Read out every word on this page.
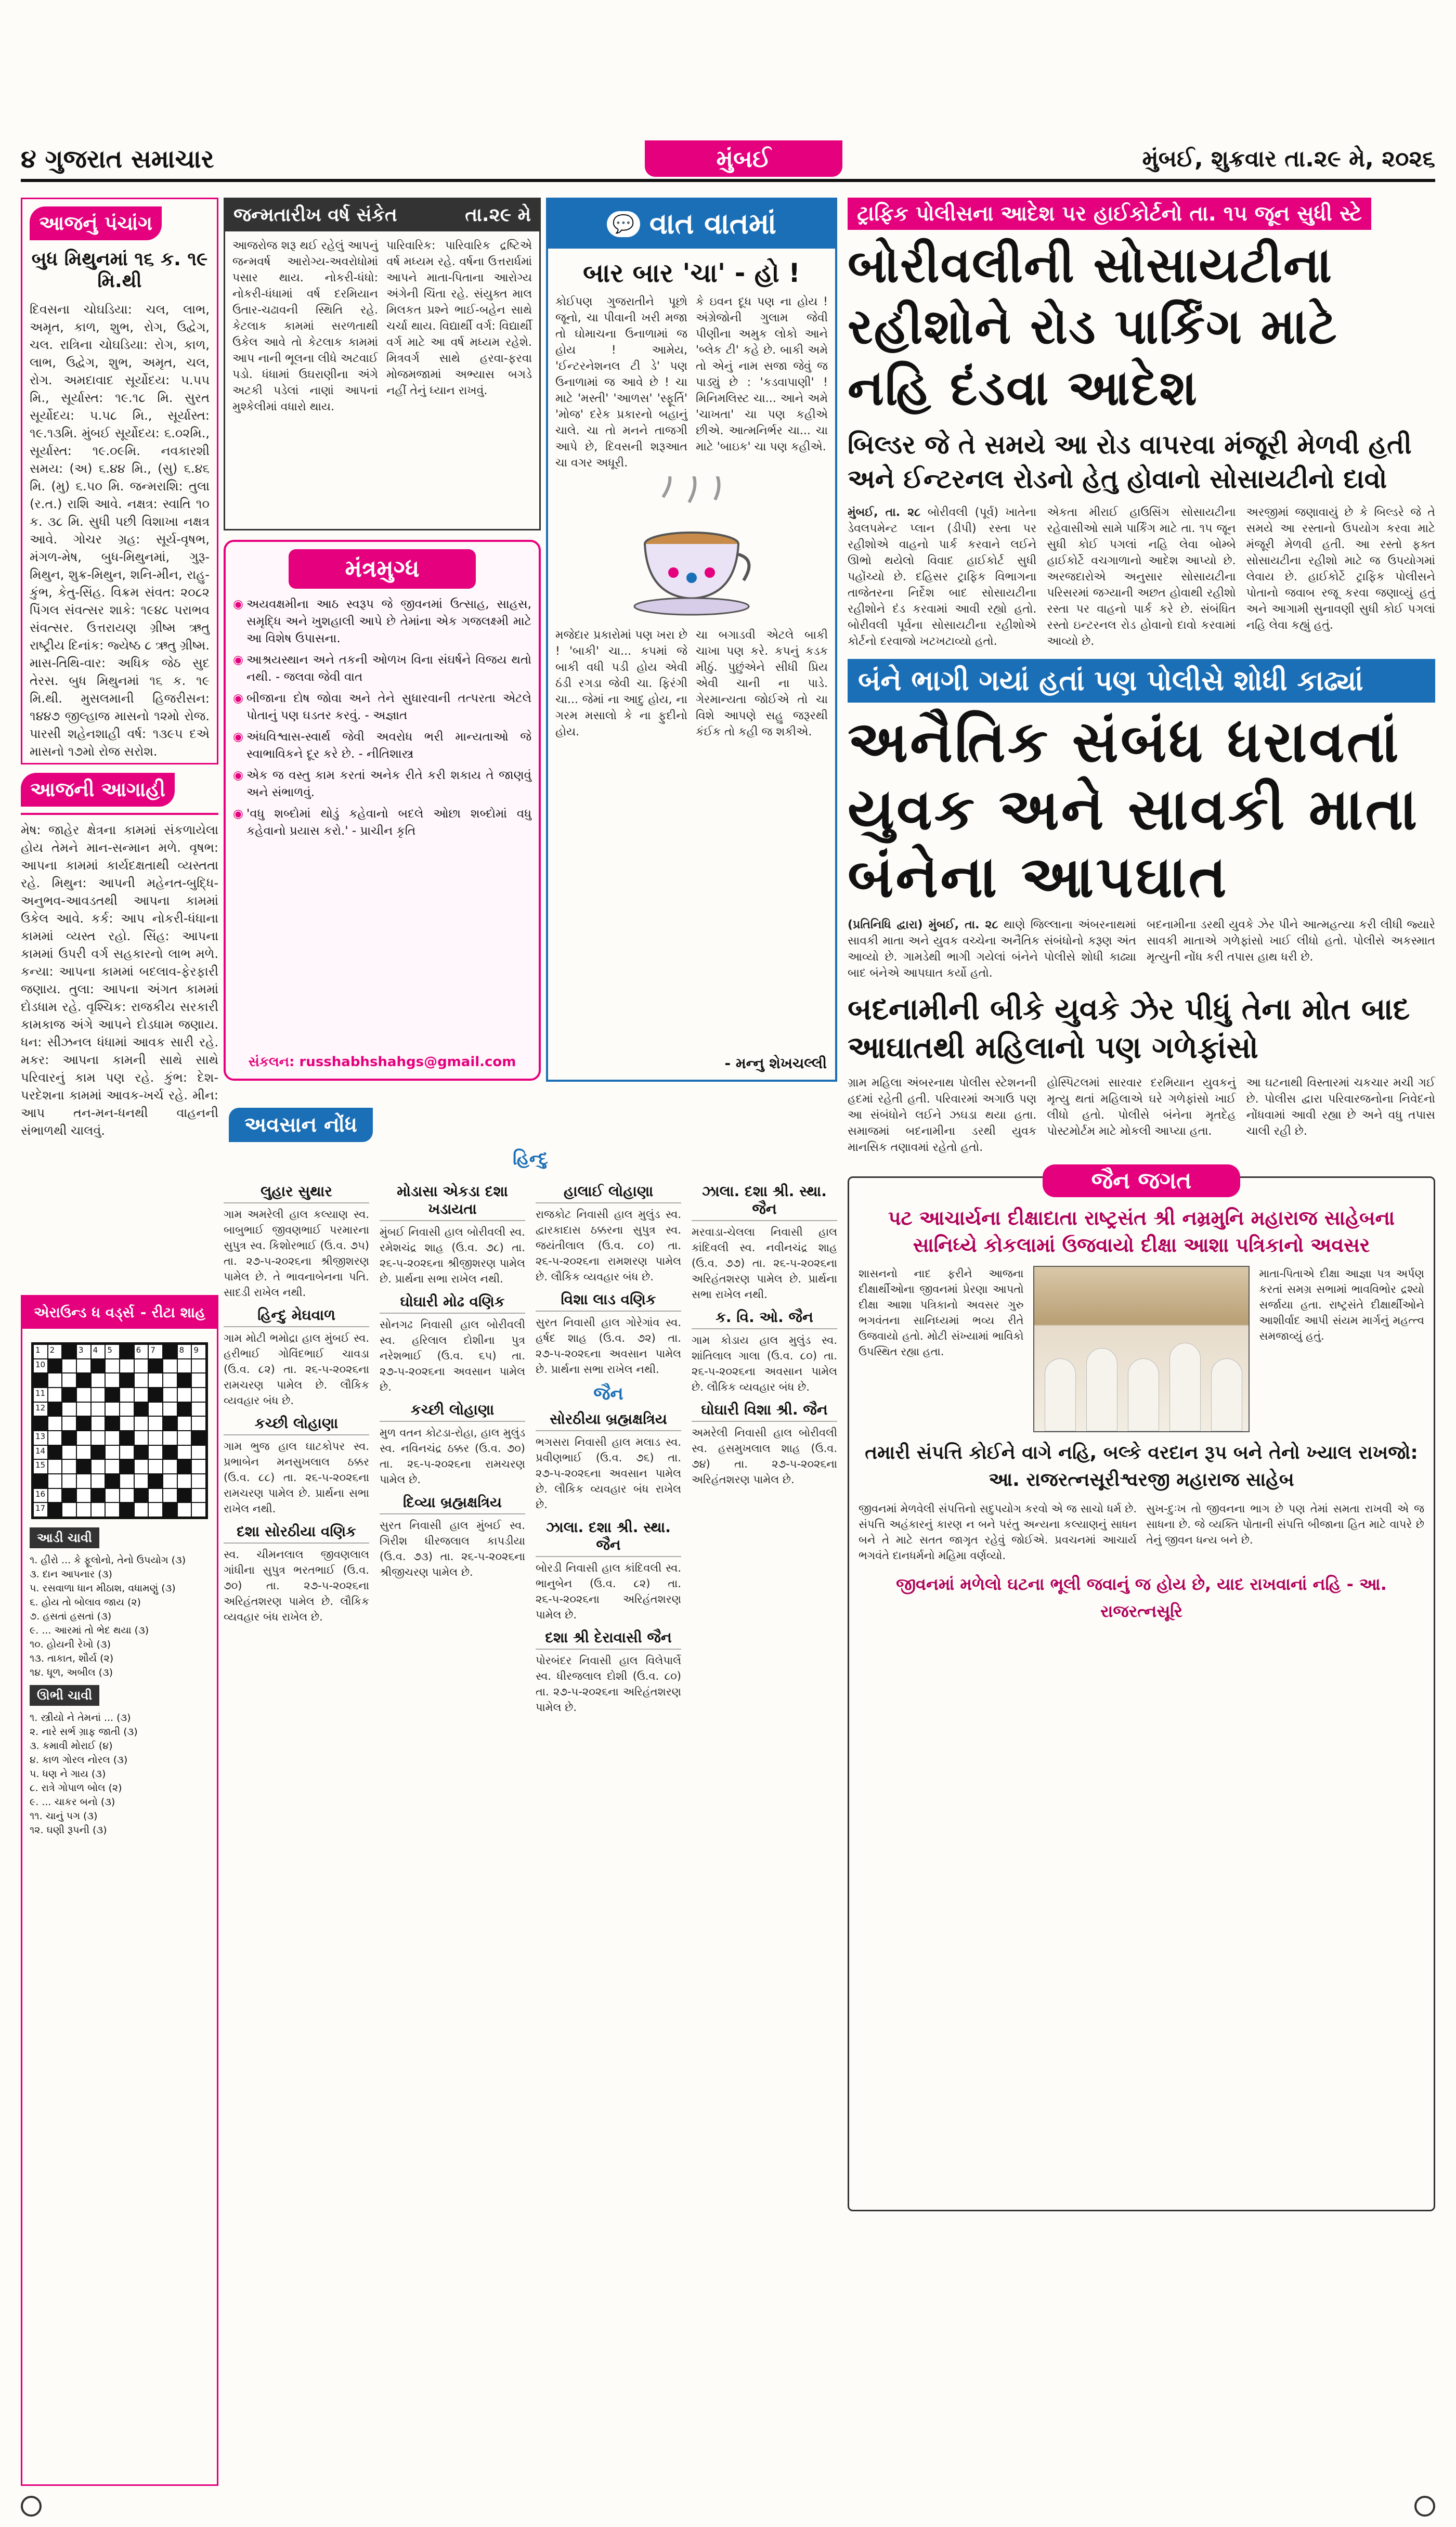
૪ ગુજરાત સમાચાર	મુંબઈ	મુંબઈ, શુક્રવાર તા.૨૯ મે, ૨૦૨૬
આજનું પંચાંગ
બુધ મિથુનમાં ૧૬ ક. ૧૯ મિ.થી
દિવસના ચોઘડિયા: ચલ, લાભ, અમૃત, કાળ, શુભ, રોગ, ઉદ્વેગ, ચલ. રાત્રિના ચોઘડિયા: રોગ, કાળ, લાભ, ઉદ્વેગ, શુભ, અમૃત, ચલ, રોગ. અમદાવાદ સૂર્યોદય: ૫.૫૫ મિ., સૂર્યાસ્ત: ૧૯.૧૮ મિ. સુરત સૂર્યોદય: ૫.૫૮ મિ., સૂર્યાસ્ત: ૧૯.૧૩મિ. મુંબઈ સૂર્યોદય: ૬.૦૨મિ., સૂર્યાસ્ત: ૧૯.૦૯મિ. નવકારશી સમય: (અ) ૬.૪૪ મિ., (સુ) ૬.૪૬ મિ. (મુ) ૬.૫૦ મિ. જન્મરાશિ: તુલા (ર.ત.) રાશિ આવે. નક્ષત્ર: સ્વાતિ ૧૦ ક. ૩૮ મિ. સુધી પછી વિશાખા નક્ષત્ર આવે. ગોચર ગ્રહ: સૂર્ય-વૃષભ, મંગળ-મેષ, બુધ-મિથુનમાં, ગુરૂ-મિથુન, શુક્ર-મિથુન, શનિ-મીન, રાહુ-કુંભ, કેતુ-સિંહ. વિક્રમ સંવત: ૨૦૮૨ પિંગલ સંવત્સર શાકે: ૧૯૪૮ પરાભવ સંવત્સર. ઉત્તરાયણ ગ્રીષ્મ ઋતુ રાષ્ટ્રીય દિનાંક: જ્યેષ્ઠ ૮ ઋતુ ગ્રીષ્મ. માસ-તિથિ-વાર: અધિક જેઠ સુદ તેરસ. બુધ મિથુનમાં ૧૬ ક. ૧૯ મિ.થી. મુસલમાની હિજરીસન: ૧૪૪૭ જીલ્હાજ માસનો ૧૨મો રોજ. પારસી શહેનશાહી વર્ષ: ૧૩૯૫ દએ માસનો ૧૭મો રોજ સરોશ.
આજની આગાહી
મેષ: જાહેર ક્ષેત્રના કામમાં સંકળાયેલા હોય તેમને માન-સન્માન મળે. વૃષભ: આપના કામમાં કાર્યદક્ષતાથી વ્યસ્તતા રહે. મિથુન: આપની મહેનત-બુદ્ધિ-અનુભવ-આવડતથી આપના કામમાં ઉકેલ આવે. કર્ક: આપ નોકરી-ધંધાના કામમાં વ્યસ્ત રહો. સિંહ: આપના કામમાં ઉપરી વર્ગ સહકારનો લાભ મળે. કન્યા: આપના કામમાં બદલાવ-ફેરફારી જણાય. તુલા: આપના અંગત કામમાં દોડધામ રહે. વૃશ્ચિક: રાજકીય સરકારી કામકાજ અંગે આપને દોડધામ જણાય. ધન: સીઝનલ ધંધામાં આવક સારી રહે. મકર: આપના કામની સાથે સાથે પરિવારનું કામ પણ રહે. કુંભ: દેશ-પરદેશના કામમાં આવક-ખર્ચ રહે. મીન: આપ તન-મન-ધનથી વાહનની સંભાળથી ચાલવું.
જન્મતારીખ વર્ષ સંકેત	તા.૨૯ મે
આજરોજ શરૂ થઈ રહેલું આપનું જન્મવર્ષ આરોગ્ય-અવરોધોમાં પસાર થાય. નોકરી-ધંધો: નોકરી-ધંધામાં વર્ષ દરમિયાન ઉતાર-ચઢાવની સ્થિતિ રહે. કેટલાક કામમાં સરળતાથી ઉકેલ આવે તો કેટલાક કામમાં આપ નાની ભૂલના લીધે અટવાઈ પડો. ધંધામાં ઉઘરાણીના અંગે અટકી પડેલાં નાણાં આપનાં મુશ્કેલીમાં વધારો થાય.
પારિવારિક: પારિવારિક દ્રષ્ટિએ વર્ષ મધ્યમ રહે. વર્ષના ઉત્તરાર્ધમાં આપને માતા-પિતાના આરોગ્ય અંગેની ચિંતા રહે. સંયુક્ત માલ મિલકત પ્રશ્ને ભાઈ-બહેન સાથે ચર્ચા થાય. વિદ્યાર્થી વર્ગ: વિદ્યાર્થી વર્ગ માટે આ વર્ષ મધ્યમ રહેશે. મિત્રવર્ગ સાથે હરવા-ફરવા મોજમજામાં અભ્યાસ બગડે નહીં તેનું ધ્યાન રાખવું.
મંત્રમુગ્ધ
◉ અયવક્ષમીના આઠ સ્વરૂપ જે જીવનમાં ઉત્સાહ, સાહસ, સમૃદ્ધિ અને ખુશહાલી આપે છે તેમાંના એક ગજલક્ષ્મી માટે આ વિશેષ ઉપાસના.
◉ આશ્રયસ્થાન અને તકની ઓળખ વિના સંઘર્ષને વિજય થતો નથી. - જલવા જેવી વાત
◉ બીજાના દોષ જોવા અને તેને સુધારવાની તત્પરતા એટલે પોતાનું પણ ઘડતર કરવું. - અજ્ઞાત
◉ અંધવિશ્વાસ-સ્વાર્થ જેવી અવરોધ ભરી માન્યતાઓ જે સ્વાભાવિકને દૂર કરે છે. - નીતિશાસ્ત્ર
◉ એક જ વસ્તુ કામ કરતાં અનેક રીતે કરી શકાય તે જાણવું અને સંભાળવું.
◉ 'વધુ શબ્દોમાં થોડું કહેવાનો બદલે ઓછા શબ્દોમાં વધુ કહેવાનો પ્રયાસ કરો.' - પ્રાચીન કૃતિ
સંકલન: russhabhshahgs@gmail.com
💬 વાત વાતમાં
બાર બાર 'ચા' - હો !
કોઈપણ ગુજરાતીને પૂછો જૂનો, ચા પીવાની ખરી મજા તો ઘોમાચના ઉનાળામાં જ હોય ! આમેય, 'ઈન્ટરનેશનલ ટી ડે' પણ ઉનાળામાં જ આવે છે ! ચા માટે 'મસ્તી' 'આળસ' 'સ્ફૂર્તિ' 'મોજ' દરેક પ્રકારનો બહાનું ચાલે. ચા તો મનને તાજગી આપે છે, દિવસની શરૂઆત ચા વગર અધૂરી.
કે ઇવન દૂધ પણ ના હોય ! અંગ્રેજોની ગુલામ જેવી પીણીના અમુક લોકો આને 'બ્લેક ટી' કહે છે. બાકી અમે તો એનું નામ સજા જેવું જ પાડ્યું છે : 'કડવાપાણી' ! મિનિમલિસ્ટ ચા... આને અમે 'ચાખતા' ચા પણ કહીએ છીએ. આત્મનિર્ભર ચા... ચા માટે 'બાઇક' ચા પણ કહીએ.
મજેદાર પ્રકારોમાં પણ ખરા છે ! 'બાકી' ચા... કપમાં જે બાકી વધી પડી હોય એવી ઠંડી રગડા જેવી ચા. ફિરંગી ચા... જેમાં ના આદુ હોય, ના ગરમ મસાલો કે ના ફુદીનો હોય.
ચા બગાડવી એટલે બાકી ચાખા પણ કરે. કપનું કડક મીઠું. પુછુંએને સીધી પ્રિય એવી ચાની ના પાડે. ગેરમાન્યતા જોઈએ તો ચા વિશે આપણે સહુ જરૂરથી કંઈક તો કહી જ શકીએ.
- મન્નુ શેખચલ્લી
અવસાન નોંધ
હિન્દુ
લુહાર સુથાર
ગામ અમરેલી હાલ કલ્યાણ સ્વ. બાબુભાઈ જીવણભાઈ પરમારના સુપુત્ર સ્વ. કિશોરભાઈ (ઉ.વ. ૭૫) તા. ૨૭-૫-૨૦૨૬ના શ્રીજીશરણ પામેલ છે. તે ભાવનાબેનના પતિ. સાદડી રાખેલ નથી.
હિન્દુ મેઘવાળ
ગામ મોટી ભમોદ્રા હાલ મુંબઈ સ્વ. હરીભાઈ ગોવિંદભાઈ ચાવડા (ઉ.વ. ૮૨) તા. ૨૬-૫-૨૦૨૬ના રામચરણ પામેલ છે. લૌકિક વ્યવહાર બંધ છે.
કચ્છી લોહાણા
ગામ ભુજ હાલ ઘાટકોપર સ્વ. પ્રભાબેન મનસુખલાલ ઠક્કર (ઉ.વ. ૮૮) તા. ૨૬-૫-૨૦૨૬ના રામચરણ પામેલ છે. પ્રાર્થના સભા રાખેલ નથી.
દશા સોરઠીયા વણિક
સ્વ. ચીમનલાલ જીવણલાલ ગાંધીના સુપુત્ર ભરતભાઈ (ઉ.વ. ૭૦) તા. ૨૭-૫-૨૦૨૬ના અરિહંતશરણ પામેલ છે. લૌકિક વ્યવહાર બંધ રાખેલ છે.
મોડાસા એકડા દશા ખડાયતા
મુંબઈ નિવાસી હાલ બોરીવલી સ્વ. રમેશચંદ્ર શાહ (ઉ.વ. ૭૮) તા. ૨૬-૫-૨૦૨૬ના શ્રીજીશરણ પામેલ છે. પ્રાર્થના સભા રાખેલ નથી.
ઘોઘારી મોઢ વણિક
સોનગઢ નિવાસી હાલ બોરીવલી સ્વ. હરિલાલ દોશીના પુત્ર નરેશભાઈ (ઉ.વ. ૬૫) તા. ૨૭-૫-૨૦૨૬ના અવસાન પામેલ છે.
કચ્છી લોહાણા
મુળ વતન કોટડા-રોહા, હાલ મુલુંડ સ્વ. નવિનચંદ્ર ઠક્કર (ઉ.વ. ૭૦) તા. ૨૬-૫-૨૦૨૬ના રામચરણ પામેલ છે.
દિવ્યા બ્રહ્મક્ષત્રિય
સુરત નિવાસી હાલ મુંબઈ સ્વ. ગિરીશ ધીરજલાલ કાપડીયા (ઉ.વ. ૭૩) તા. ૨૬-૫-૨૦૨૬ના શ્રીજીચરણ પામેલ છે.
હાલાઈ લોહાણા
રાજકોટ નિવાસી હાલ મુલુંડ સ્વ. દ્વારકાદાસ ઠક્કરના સુપુત્ર સ્વ. જયંતીલાલ (ઉ.વ. ૮૦) તા. ૨૬-૫-૨૦૨૬ના રામશરણ પામેલ છે. લૌકિક વ્યવહાર બંધ છે.
વિશા લાડ વણિક
સુરત નિવાસી હાલ ગોરેગાંવ સ્વ. હર્ષદ શાહ (ઉ.વ. ૭૨) તા. ૨૭-૫-૨૦૨૬ના અવસાન પામેલ છે. પ્રાર્થના સભા રાખેલ નથી.
જૈન
સોરઠીયા બ્રહ્મક્ષત્રિય
ભગસરા નિવાસી હાલ મલાડ સ્વ. પ્રવીણભાઈ (ઉ.વ. ૭૬) તા. ૨૭-૫-૨૦૨૬ના અવસાન પામેલ છે. લૌકિક વ્યવહાર બંધ રાખેલ છે.
ઝાલા. દશા શ્રી. સ્થા. જૈન
બોરડી નિવાસી હાલ કાંદિવલી સ્વ. ભાનુબેન (ઉ.વ. ૮૨) તા. ૨૬-૫-૨૦૨૬ના અરિહંતશરણ પામેલ છે.
દશા શ્રી દેરાવાસી જૈન
પોરબંદર નિવાસી હાલ વિલેપાર્લે સ્વ. ધીરજલાલ દોશી (ઉ.વ. ૮૦) તા. ૨૭-૫-૨૦૨૬ના અરિહંતશરણ પામેલ છે.
ઝાલા. દશા શ્રી. સ્થા. જૈન
મરવાડા-ચેલલા નિવાસી હાલ કાંદિવલી સ્વ. નવીનચંદ્ર શાહ (ઉ.વ. ૭૭) તા. ૨૬-૫-૨૦૨૬ના અરિહંતશરણ પામેલ છે. પ્રાર્થના સભા રાખેલ નથી.
ક. વિ. ઓ. જૈન
ગામ કોડાય હાલ મુલુંડ સ્વ. શાંતિલાલ ગાલા (ઉ.વ. ૮૦) તા. ૨૬-૫-૨૦૨૬ના અવસાન પામેલ છે. લૌકિક વ્યવહાર બંધ છે.
ઘોઘારી વિશા શ્રી. જૈન
અમરેલી નિવાસી હાલ બોરીવલી સ્વ. હસમુખલાલ શાહ (ઉ.વ. ૭૪) તા. ૨૭-૫-૨૦૨૬ના અરિહંતશરણ પામેલ છે.
એરાઉન્ડ ધ વર્ડ્સ - રીટા શાહ
1 2	3 4 5	6 7	8 9
10
11
12
13
14
15
16
17
આડી ચાવી
૧. હીરો ... કે ફૂલોનો, તેનો ઉપયોગ (૩)
૩. દાન આપનાર (૩)
૫. રસવાળા ધાન મીઠાશ, વધામણું (૩)
૬. હોય તો બોલાવ જાય (૨)
૭. હસતાં હસતાં (૩)
૯. ... આરમાં તો ભેદ થયા (૩)
૧૦. હોયની રેખો (૩)
૧૩. તાકાત, શૌર્ય (૨)
૧૪. ધૂળ, અબીલ (૩)
ઊભી ચાવી
૧. સ્ત્રીયો ને તેમનાં ... (૩)
૨. નારે સર્ભ ગ્રાફ જાતી (૩)
૩. કમાવી મોરાઈ (૪)
૪. કાળ ગોરલ નોરલ (૩)
૫. ધણ ને ગાય (૩)
૮. રાત્રે ગોપાળ બોલ (૨)
૯. ... ચાકર બનો (૩)
૧૧. ચાનું પગ (૩)
૧૨. ઘણી રૂપની (૩)
ટ્રાફિક પોલીસના આદેશ પર હાઈકોર્ટનો તા. ૧૫ જૂન સુધી સ્ટે
બોરીવલીની સોસાયટીના રહીશોને રોડ પાર્કિંગ માટે નહિ દંડવા આદેશ
બિલ્ડર જે તે સમયે આ રોડ વાપરવા મંજૂરી મેળવી હતી અને ઈન્ટરનલ રોડનો હેતુ હોવાનો સોસાયટીનો દાવો
મુંબઈ, તા. ૨૮ બોરીવલી (પૂર્વ) ખાતેના ડેવલપમેન્ટ પ્લાન (ડીપી) રસ્તા પર રહીશોએ વાહનો પાર્ક કરવાને લઈને ઊભો થયેલો વિવાદ હાઈકોર્ટ સુધી પહોંચ્યો છે. દહિસર ટ્રાફિક વિભાગના તાજેતરના નિર્દેશ બાદ સોસાયટીના રહીશોને દંડ કરવામાં આવી રહ્યો હતો. બોરીવલી પૂર્વના સોસાયટીના રહીશોએ કોર્ટનો દરવાજો ખટખટાવ્યો હતો.
એકતા મીરાઈ હાઉસિંગ સોસાયટીના રહેવાસીઓ સામે પાર્કિંગ માટે તા. ૧૫ જૂન સુધી કોઈ પગલાં નહિ લેવા બોમ્બે હાઈકોર્ટે વચગાળાનો આદેશ આપ્યો છે. અરજદારોએ અનુસાર સોસાયટીના પરિસરમાં જગ્યાની અછત હોવાથી રહીશો રસ્તા પર વાહનો પાર્ક કરે છે. સંબંધિત રસ્તો ઇન્ટરનલ રોડ હોવાનો દાવો કરવામાં આવ્યો છે.
અરજીમાં જણાવાયું છે કે બિલ્ડરે જે તે સમયે આ રસ્તાનો ઉપયોગ કરવા માટે મંજૂરી મેળવી હતી. આ રસ્તો ફક્ત સોસાયટીના રહીશો માટે જ ઉપયોગમાં લેવાય છે. હાઈકોર્ટે ટ્રાફિક પોલીસને પોતાનો જવાબ રજૂ કરવા જણાવ્યું હતું અને આગામી સુનાવણી સુધી કોઈ પગલાં નહિ લેવા કહ્યું હતું.
બંને ભાગી ગયાં હતાં પણ પોલીસે શોધી કાઢ્યાં
અનૈતિક સંબંધ ધરાવતાં યુવક અને સાવકી માતા બંનેના આપઘાત
(પ્રતિનિધિ દ્વારા) મુંબઈ, તા. ૨૮ થાણે જિલ્લાના અંબરનાથમાં સાવકી માતા અને યુવક વચ્ચેના અનૈતિક સંબંધોનો કરૂણ અંત આવ્યો છે. ગામડેથી ભાગી ગયેલાં બંનેને પોલીસે શોધી કાઢ્યા બાદ બંનેએ આપઘાત કર્યો હતો.
બદનામીના ડરથી યુવકે ઝેર પીને આત્મહત્યા કરી લીધી જ્યારે સાવકી માતાએ ગળેફાંસો ખાઈ લીધો હતો. પોલીસે અકસ્માત મૃત્યુની નોંધ કરી તપાસ હાથ ધરી છે.
બદનામીની બીકે યુવકે ઝેર પીધું તેના મોત બાદ આઘાતથી મહિલાનો પણ ગળેફાંસો
ગ્રામ મહિલા અંબરનાથ પોલીસ સ્ટેશનની હદમાં રહેતી હતી. પરિવારમાં અગાઉ પણ આ સંબંધોને લઈને ઝઘડા થયા હતા. સમાજમાં બદનામીના ડરથી યુવક માનસિક તણાવમાં રહેતો હતો.
હોસ્પિટલમાં સારવાર દરમિયાન યુવકનું મૃત્યુ થતાં મહિલાએ ઘરે ગળેફાંસો ખાઈ લીધો હતો. પોલીસે બંનેના મૃતદેહ પોસ્ટમોર્ટમ માટે મોકલી આપ્યા હતા.
આ ઘટનાથી વિસ્તારમાં ચકચાર મચી ગઈ છે. પોલીસ દ્વારા પરિવારજનોના નિવેદનો નોંધવામાં આવી રહ્યા છે અને વધુ તપાસ ચાલી રહી છે.
જૈન જગત
પટ આચાર્યના દીક્ષાદાતા રાષ્ટ્રસંત શ્રી નમ્રમુનિ મહારાજ સાહેબના સાનિધ્યે કોકલામાં ઉજવાયો દીક્ષા આશા પત્રિકાનો અવસર
શાસનનો નાદ ફરીને આજના દીક્ષાર્થીઓના જીવનમાં પ્રેરણા આપતો દીક્ષા આશા પત્રિકાનો અવસર ગુરુ ભગવંતના સાનિધ્યમાં ભવ્ય રીતે ઉજવાયો હતો. મોટી સંખ્યામાં ભાવિકો ઉપસ્થિત રહ્યા હતા.
માતા-પિતાએ દીક્ષા આજ્ઞા પત્ર અર્પણ કરતાં સમગ્ર સભામાં ભાવવિભોર દ્રશ્યો સર્જાયા હતા. રાષ્ટ્રસંતે દીક્ષાર્થીઓને આશીર્વાદ આપી સંયમ માર્ગનું મહત્ત્વ સમજાવ્યું હતું.
તમારી સંપત્તિ કોઈને વાગે નહિ, બલ્કે વરદાન રૂપ બને તેનો ખ્યાલ રાખજો: આ. રાજરત્નસૂરીશ્વરજી મહારાજ સાહેબ
જીવનમાં મેળવેલી સંપત્તિનો સદુપયોગ કરવો એ જ સાચો ધર્મ છે. સંપત્તિ અહંકારનું કારણ ન બને પરંતુ અન્યના કલ્યાણનું સાધન બને તે માટે સતત જાગૃત રહેવું જોઈએ. પ્રવચનમાં આચાર્ય ભગવંતે દાનધર્મનો મહિમા વર્ણવ્યો.
સુખ-દુઃખ તો જીવનના ભાગ છે પણ તેમાં સમતા રાખવી એ જ સાધના છે. જે વ્યક્તિ પોતાની સંપત્તિ બીજાના હિત માટે વાપરે છે તેનું જીવન ધન્ય બને છે.
જીવનમાં મળેલો ઘટના ભૂલી જવાનું જ હોય છે, યાદ રાખવાનાં નહિ - આ. રાજરત્નસૂરિ
